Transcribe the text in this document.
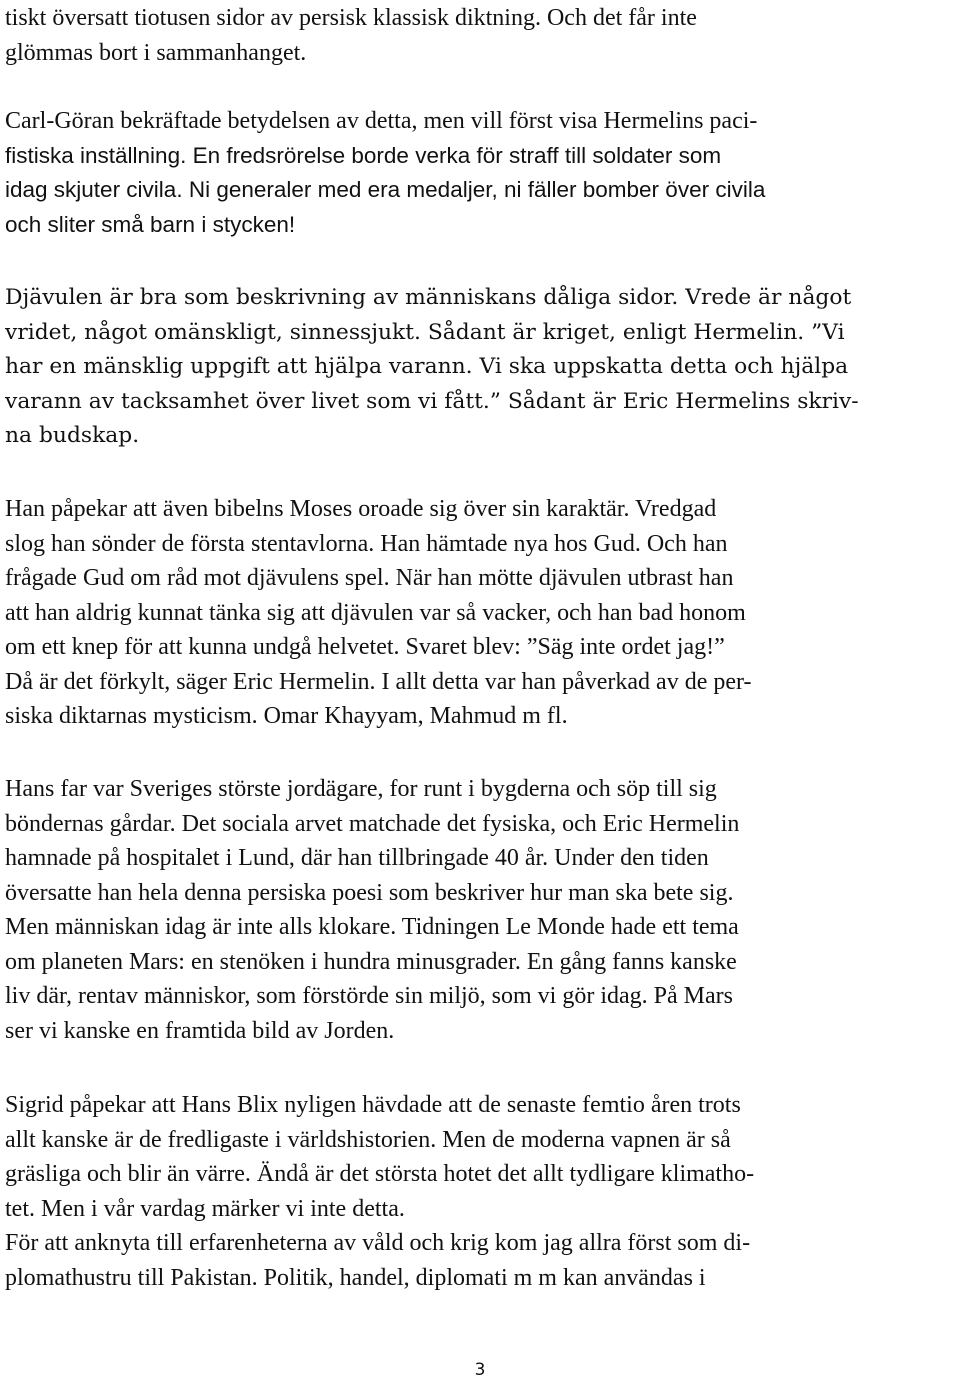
tiskt översatt tiotusen sidor av persisk klassisk diktning. Och det får inte
glömmas bort i sammanhanget.
Carl-Göran bekräftade betydelsen av detta, men vill först visa Hermelins paci-
fistiska inställning. En fredsrörelse borde verka för straff till soldater som
idag skjuter civila. Ni generaler med era medaljer, ni fäller bomber över civila
och sliter små barn i stycken!
Djävulen är bra som beskrivning av människans dåliga sidor. Vrede är något
vridet, något omänskligt, sinnessjukt. Sådant är kriget, enligt Hermelin. ”Vi
har en mänsklig uppgift att hjälpa varann. Vi ska uppskatta detta och hjälpa
varann av tacksamhet över livet som vi fått.” Sådant är Eric Hermelins skriv-
na budskap.
Han påpekar att även bibelns Moses oroade sig över sin karaktär. Vredgad
slog han sönder de första stentavlorna. Han hämtade nya hos Gud. Och han
frågade Gud om råd mot djävulens spel. När han mötte djävulen utbrast han
att han aldrig kunnat tänka sig att djävulen var så vacker, och han bad honom
om ett knep för att kunna undgå helvetet. Svaret blev: ”Säg inte ordet jag!”
Då är det förkylt, säger Eric Hermelin. I allt detta var han påverkad av de per-
siska diktarnas mysticism. Omar Khayyam, Mahmud m fl.
Hans far var Sveriges störste jordägare, for runt i bygderna och söp till sig
böndernas gårdar. Det sociala arvet matchade det fysiska, och Eric Hermelin
hamnade på hospitalet i Lund, där han tillbringade 40 år. Under den tiden
översatte han hela denna persiska poesi som beskriver hur man ska bete sig.
Men människan idag är inte alls klokare. Tidningen Le Monde hade ett tema
om planeten Mars: en stenöken i hundra minusgrader. En gång fanns kanske
liv där, rentav människor, som förstörde sin miljö, som vi gör idag. På Mars
ser vi kanske en framtida bild av Jorden.
Sigrid påpekar att Hans Blix nyligen hävdade att de senaste femtio åren trots
allt kanske är de fredligaste i världshistorien. Men de moderna vapnen är så
gräsliga och blir än värre. Ändå är det största hotet det allt tydligare klimatho-
tet. Men i vår vardag märker vi inte detta.
För att anknyta till erfarenheterna av våld och krig kom jag allra först som di-
plomathustru till Pakistan. Politik, handel, diplomati m m kan användas i
3
